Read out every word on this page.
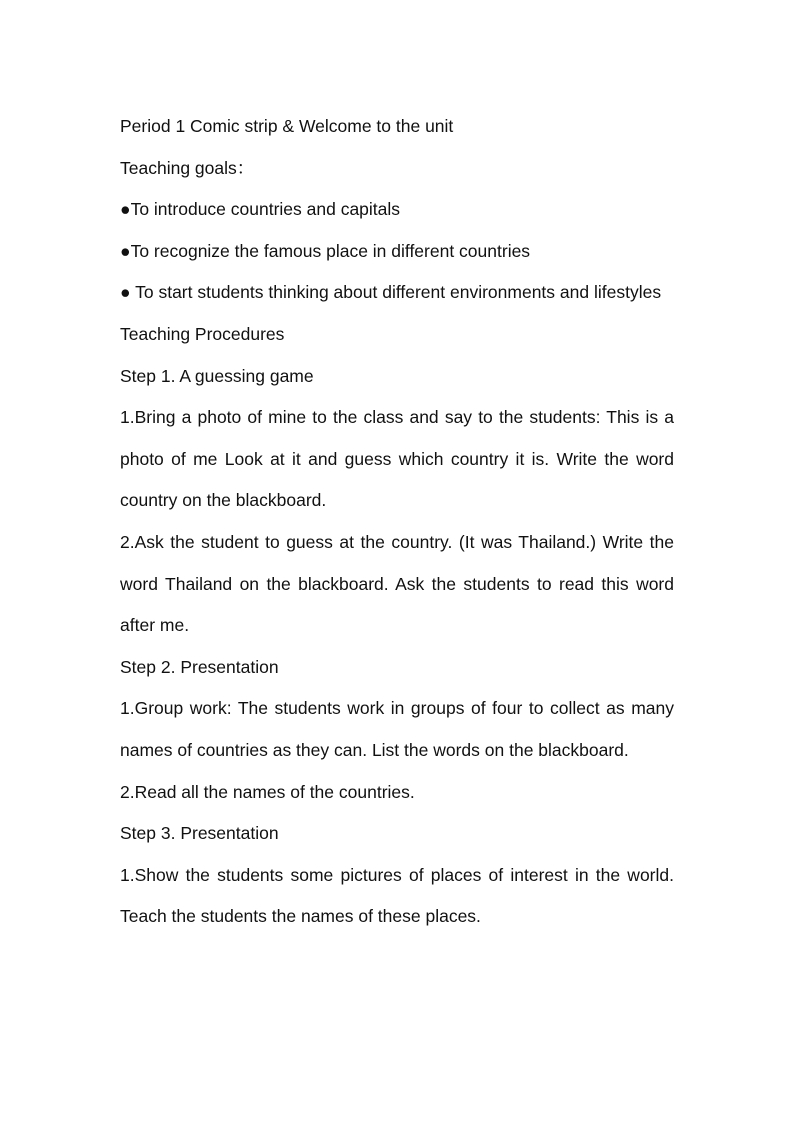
Period 1 Comic strip & Welcome to the unit

Teaching goals：

●To introduce countries and capitals

●To recognize the famous place in different countries

● To start students thinking about different environments and lifestyles

Teaching Procedures

Step 1. A guessing game

1.Bring a photo of mine to the class and say to the students: This is a photo of me Look at it and guess which country it is. Write the word country on the blackboard.

2.Ask the student to guess at the country. (It was Thailand.) Write the word Thailand on the blackboard. Ask the students to read this word after me.

Step 2. Presentation

1.Group work: The students work in groups of four to collect as many names of countries as they can. List the words on the blackboard.

2.Read all the names of the countries.

Step 3. Presentation

1.Show the students some pictures of places of interest in the world. Teach the students the names of these places.
